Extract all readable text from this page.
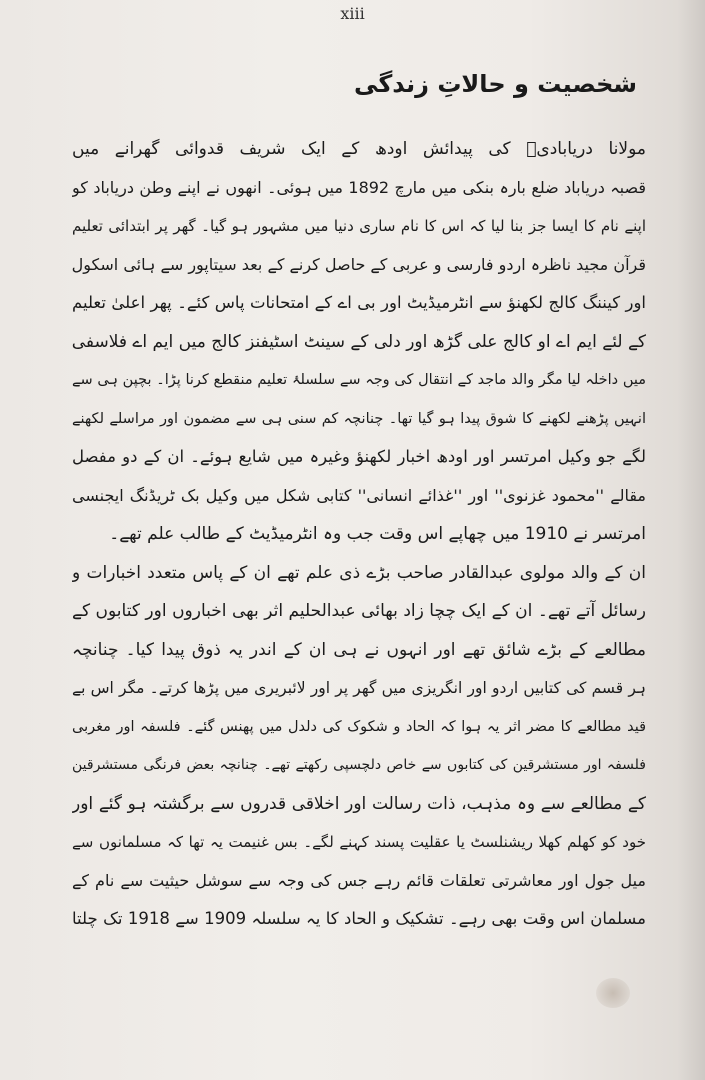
xiii
شخصیت و حالاتِ زندگی
مولانا دریابادیؒ کی پیدائش اودھ کے ایک شریف قدوائی گھرانے میں
قصبہ دریاباد ضلع بارہ بنکی میں مارچ 1892 میں ہوئی۔ انھوں نے اپنے وطن دریاباد کو
اپنے نام کا ایسا جز بنا لیا کہ اس کا نام ساری دنیا میں مشہور ہو گیا۔ گھر پر ابتدائی تعلیم
قرآن مجید ناظرہ اردو فارسی و عربی کے حاصل کرنے کے بعد سیتاپور سے ہائی اسکول
اور کیننگ کالج لکھنؤ سے انٹرمیڈیٹ اور بی اے کے امتحانات پاس کئے۔ پھر اعلیٰ تعلیم
کے لئے ایم اے او کالج علی گڑھ اور دلی کے سینٹ اسٹیفنز کالج میں ایم اے فلاسفی
میں داخلہ لیا مگر والد ماجد کے انتقال کی وجہ سے سلسلۂ تعلیم منقطع کرنا پڑا۔ بچپن ہی سے
انہیں پڑھنے لکھنے کا شوق پیدا ہو گیا تھا۔ چنانچہ کم سنی ہی سے مضمون اور مراسلے لکھنے
لگے جو وکیل امرتسر اور اودھ اخبار لکھنؤ وغیرہ میں شایع ہوئے۔ ان کے دو مفصل
مقالے ''محمود غزنوی'' اور ''غذائے انسانی'' کتابی شکل میں وکیل بک ٹریڈنگ ایجنسی
امرتسر نے 1910 میں چھاپے اس وقت جب وہ انٹرمیڈیٹ کے طالب علم تھے۔
ان کے والد مولوی عبدالقادر صاحب بڑے ذی علم تھے ان کے پاس متعدد اخبارات و
رسائل آتے تھے۔ ان کے ایک چچا زاد بھائی عبدالحلیم اثر بھی اخباروں اور کتابوں کے
مطالعے کے بڑے شائق تھے اور انہوں نے ہی ان کے اندر یہ ذوق پیدا کیا۔ چنانچہ
ہر قسم کی کتابیں اردو اور انگریزی میں گھر پر اور لائبریری میں پڑھا کرتے۔ مگر اس بے
قید مطالعے کا مضر اثر یہ ہوا کہ الحاد و شکوک کی دلدل میں پھنس گئے۔ فلسفہ اور مغربی
فلسفہ اور مستشرقین کی کتابوں سے خاص دلچسپی رکھتے تھے۔ چنانچہ بعض فرنگی مستشرقین
کے مطالعے سے وہ مذہب، ذات رسالت اور اخلاقی قدروں سے برگشتہ ہو گئے اور
خود کو کھلم کھلا ریشنلسٹ یا عقلیت پسند کہنے لگے۔ بس غنیمت یہ تھا کہ مسلمانوں سے
میل جول اور معاشرتی تعلقات قائم رہے جس کی وجہ سے سوشل حیثیت سے نام کے
مسلمان اس وقت بھی رہے۔ تشکیک و الحاد کا یہ سلسلہ 1909 سے 1918 تک چلتا
